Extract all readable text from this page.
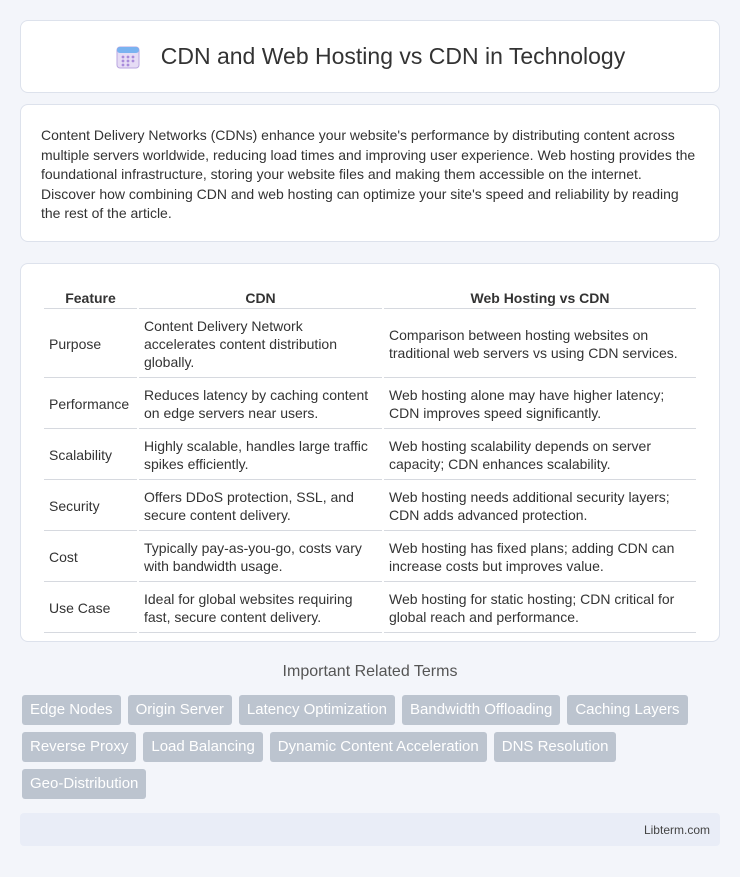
CDN and Web Hosting vs CDN in Technology

Content Delivery Networks (CDNs) enhance your website's performance by distributing content across multiple servers worldwide, reducing load times and improving user experience. Web hosting provides the foundational infrastructure, storing your website files and making them accessible on the internet. Discover how combining CDN and web hosting can optimize your site's speed and reliability by reading the rest of the article.

Feature	CDN	Web Hosting vs CDN
Purpose	Content Delivery Network accelerates content distribution globally.	Comparison between hosting websites on traditional web servers vs using CDN services.
Performance	Reduces latency by caching content on edge servers near users.	Web hosting alone may have higher latency; CDN improves speed significantly.
Scalability	Highly scalable, handles large traffic spikes efficiently.	Web hosting scalability depends on server capacity; CDN enhances scalability.
Security	Offers DDoS protection, SSL, and secure content delivery.	Web hosting needs additional security layers; CDN adds advanced protection.
Cost	Typically pay-as-you-go, costs vary with bandwidth usage.	Web hosting has fixed plans; adding CDN can increase costs but improves value.
Use Case	Ideal for global websites requiring fast, secure content delivery.	Web hosting for static hosting; CDN critical for global reach and performance.
Important Related Terms
Edge Nodes	Origin Server	Latency Optimization	Bandwidth Offloading	Caching Layers
Reverse Proxy	Load Balancing	Dynamic Content Acceleration	DNS Resolution
Geo-Distribution
Libterm.com
